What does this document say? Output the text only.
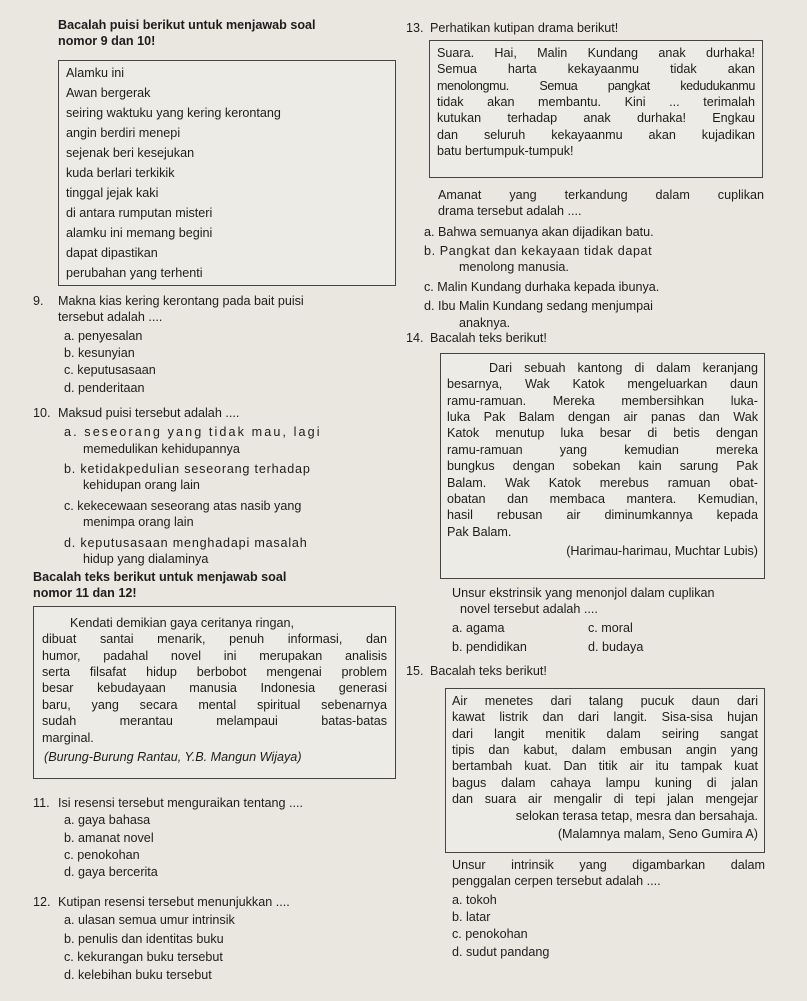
Bacalah puisi berikut untuk menjawab soal
nomor 9 dan 10!
Alamku ini
Awan bergerak
seiring waktuku yang kering kerontang
angin berdiri menepi
sejenak beri kesejukan
kuda berlari terkikik
tinggal jejak kaki
di antara rumputan misteri
alamku ini memang begini
dapat dipastikan
perubahan yang terhenti
9. Makna kias kering kerontang pada bait puisi
tersebut adalah ....
a. penyesalan
b. kesunyian
c. keputusasaan
d. penderitaan
10. Maksud puisi tersebut adalah ....
a. seseorang yang tidak mau, lagi
memedulikan kehidupannya
b. ketidakpedulian seseorang terhadap
kehidupan orang lain
c. kekecewaan seseorang atas nasib yang
menimpa orang lain
d. keputusasaan menghadapi masalah
hidup yang dialaminya
Bacalah teks berikut untuk menjawab soal
nomor 11 dan 12!
Kendati demikian gaya ceritanya ringan,
dibuat santai menarik, penuh informasi, dan
humor, padahal novel ini merupakan analisis
serta filsafat hidup berbobot mengenai problem
besar kebudayaan manusia Indonesia generasi
baru, yang secara mental spiritual sebenarnya
sudah merantau melampaui batas-batas
marginal.
(Burung-Burung Rantau, Y.B. Mangun Wijaya)
11. Isi resensi tersebut menguraikan tentang ....
a. gaya bahasa
b. amanat novel
c. penokohan
d. gaya bercerita
12. Kutipan resensi tersebut menunjukkan ....
a. ulasan semua umur intrinsik
b. penulis dan identitas buku
c. kekurangan buku tersebut
d. kelebihan buku tersebut
13. Perhatikan kutipan drama berikut!
Suara. Hai, Malin Kundang anak durhaka!
Semua harta kekayaanmu tidak akan
menolongmu. Semua pangkat kedudukanmu
tidak akan membantu. Kini ... terimalah
kutukan terhadap anak durhaka! Engkau
dan seluruh kekayaanmu akan kujadikan
batu bertumpuk-tumpuk!
Amanat yang terkandung dalam cuplikan
drama tersebut adalah ....
a. Bahwa semuanya akan dijadikan batu.
b. Pangkat dan kekayaan tidak dapat
menolong manusia.
c. Malin Kundang durhaka kepada ibunya.
d. Ibu Malin Kundang sedang menjumpai
anaknya.
14. Bacalah teks berikut!
Dari sebuah kantong di dalam keranjang
besarnya, Wak Katok mengeluarkan daun
ramu-ramuan. Mereka membersihkan luka-
luka Pak Balam dengan air panas dan Wak
Katok menutup luka besar di betis dengan
ramu-ramuan yang kemudian mereka
bungkus dengan sobekan kain sarung Pak
Balam. Wak Katok merebus ramuan obat-
obatan dan membaca mantera. Kemudian,
hasil rebusan air diminumkannya kepada
Pak Balam.
(Harimau-harimau, Muchtar Lubis)
Unsur ekstrinsik yang menonjol dalam cuplikan
novel tersebut adalah ....
a. agama	c. moral
b. pendidikan	d. budaya
15. Bacalah teks berikut!
Air menetes dari talang pucuk daun dari
kawat listrik dan dari langit. Sisa-sisa hujan
dari langit menitik dalam seiring sangat
tipis dan kabut, dalam embusan angin yang
bertambah kuat. Dan titik air itu tampak kuat
bagus dalam cahaya lampu kuning di jalan
dan suara air mengalir di tepi jalan mengejar
selokan terasa tetap, mesra dan bersahaja.
(Malamnya malam, Seno Gumira A)
Unsur intrinsik yang digambarkan dalam
penggalan cerpen tersebut adalah ....
a. tokoh
b. latar
c. penokohan
d. sudut pandang
